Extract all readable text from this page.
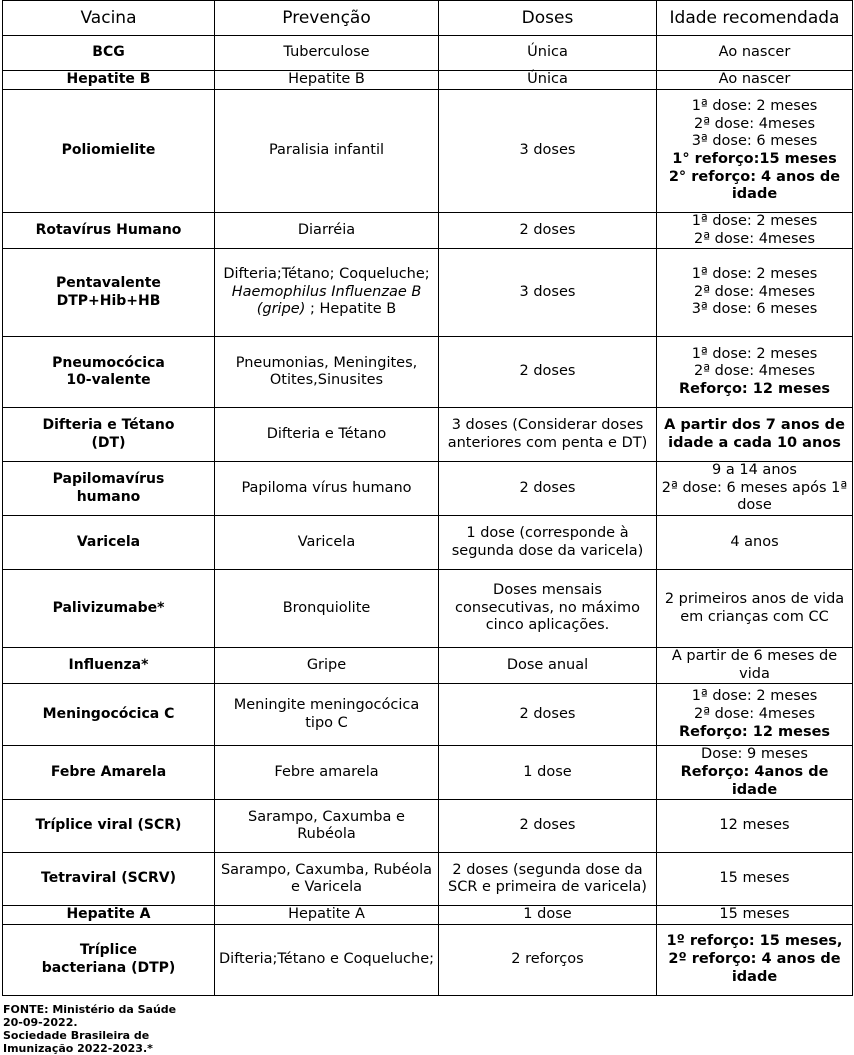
Vacina	Prevenção	Doses	Idade recomendada

BCG	Tuberculose	Única	Ao nascer

Hepatite B	Hepatite B	Única	Ao nascer

Poliomielite	Paralisia infantil	3 doses	1ª dose: 2 meses
2ª dose: 4meses
3ª dose: 6 meses
1° reforço:15 meses
2° reforço: 4 anos de idade

Rotavírus Humano	Diarréia	2 doses	1ª dose: 2 meses
2ª dose: 4meses

Pentavalente
DTP+Hib+HB	Difteria;Tétano; Coqueluche; Haemophilus Influenzae B (gripe) ; Hepatite B	3 doses	1ª dose: 2 meses
2ª dose: 4meses
3ª dose: 6 meses

Pneumocócica
10-valente	Pneumonias, Meningites, Otites,Sinusites	2 doses	1ª dose: 2 meses
2ª dose: 4meses
Reforço: 12 meses

Difteria e Tétano
(DT)	Difteria e Tétano	3 doses (Considerar doses anteriores com penta e DT)	A partir dos 7 anos de idade a cada 10 anos

Papilomavírus
humano	Papiloma vírus humano	2 doses	9 a 14 anos
2ª dose: 6 meses após 1ª dose

Varicela	Varicela	1 dose (corresponde à segunda dose da varicela)	4 anos

Palivizumabe*	Bronquiolite	Doses mensais consecutivas, no máximo cinco aplicações.	2 primeiros anos de vida em crianças com CC

Influenza*	Gripe	Dose anual	A partir de 6 meses de vida

Meningocócica C	Meningite meningocócica tipo C	2 doses	1ª dose: 2 meses
2ª dose: 4meses
Reforço: 12 meses

Febre Amarela	Febre amarela	1 dose	Dose: 9 meses
Reforço: 4anos de idade

Tríplice viral (SCR)	Sarampo, Caxumba e Rubéola	2 doses	12 meses

Tetraviral (SCRV)	Sarampo, Caxumba, Rubéola e Varicela	2 doses (segunda dose da SCR e primeira de varicela)	15 meses

Hepatite A	Hepatite A	1 dose	15 meses

Tríplice
bacteriana (DTP)	Difteria;Tétano e Coqueluche;	2 reforços	1º reforço: 15 meses, 2º reforço: 4 anos de idade
FONTE: Ministério da Saúde
20-09-2022.
Sociedade Brasileira de
Imunização 2022-2023.*
